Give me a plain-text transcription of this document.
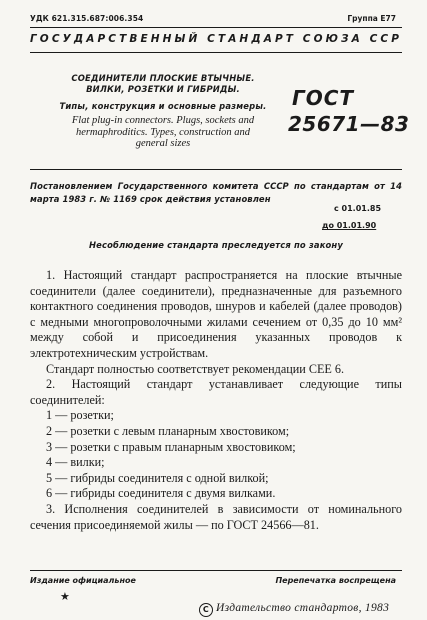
УДК 621.315.687:006.354	Группа Е77
ГОСУДАРСТВЕННЫЙ СТАНДАРТ СОЮЗА ССР
СОЕДИНИТЕЛИ ПЛОСКИЕ ВТЫЧНЫЕ.
ВИЛКИ, РОЗЕТКИ И ГИБРИДЫ.
Типы, конструкция и основные размеры.
Flat plug-in connectors. Plugs, sockets and
hermaphroditics. Types, construction and
general sizes
ГОСТ
25671—83
Постановлением Государственного комитета СССР по стандартам от 14 марта 1983 г. № 1169 срок действия установлен
с 01.01.85
до 01.01.90
Несоблюдение стандарта преследуется по закону

1. Настоящий стандарт распространяется на плоские втычные соединители (далее соединители), предназначенные для разъемного контактного соединения проводов, шнуров и кабелей (далее проводов) с медными многопроволочными жилами сечением от 0,35 до 10 мм² между собой и присоединения указанных проводов к электротехническим устройствам.

Стандарт полностью соответствует рекомендации СЕЕ 6.

2. Настоящий стандарт устанавливает следующие типы соединителей:

1 — розетки;

2 — розетки с левым планарным хвостовиком;

3 — розетки с правым планарным хвостовиком;

4 — вилки;

5 — гибриды соединителя с одной вилкой;

6 — гибриды соединителя с двумя вилками.

3. Исполнения соединителей в зависимости от номинального сечения присоединяемой жилы — по ГОСТ 24566—81.

Издание официальное	Перепечатка воспрещена
★
C Издательство стандартов, 1983
